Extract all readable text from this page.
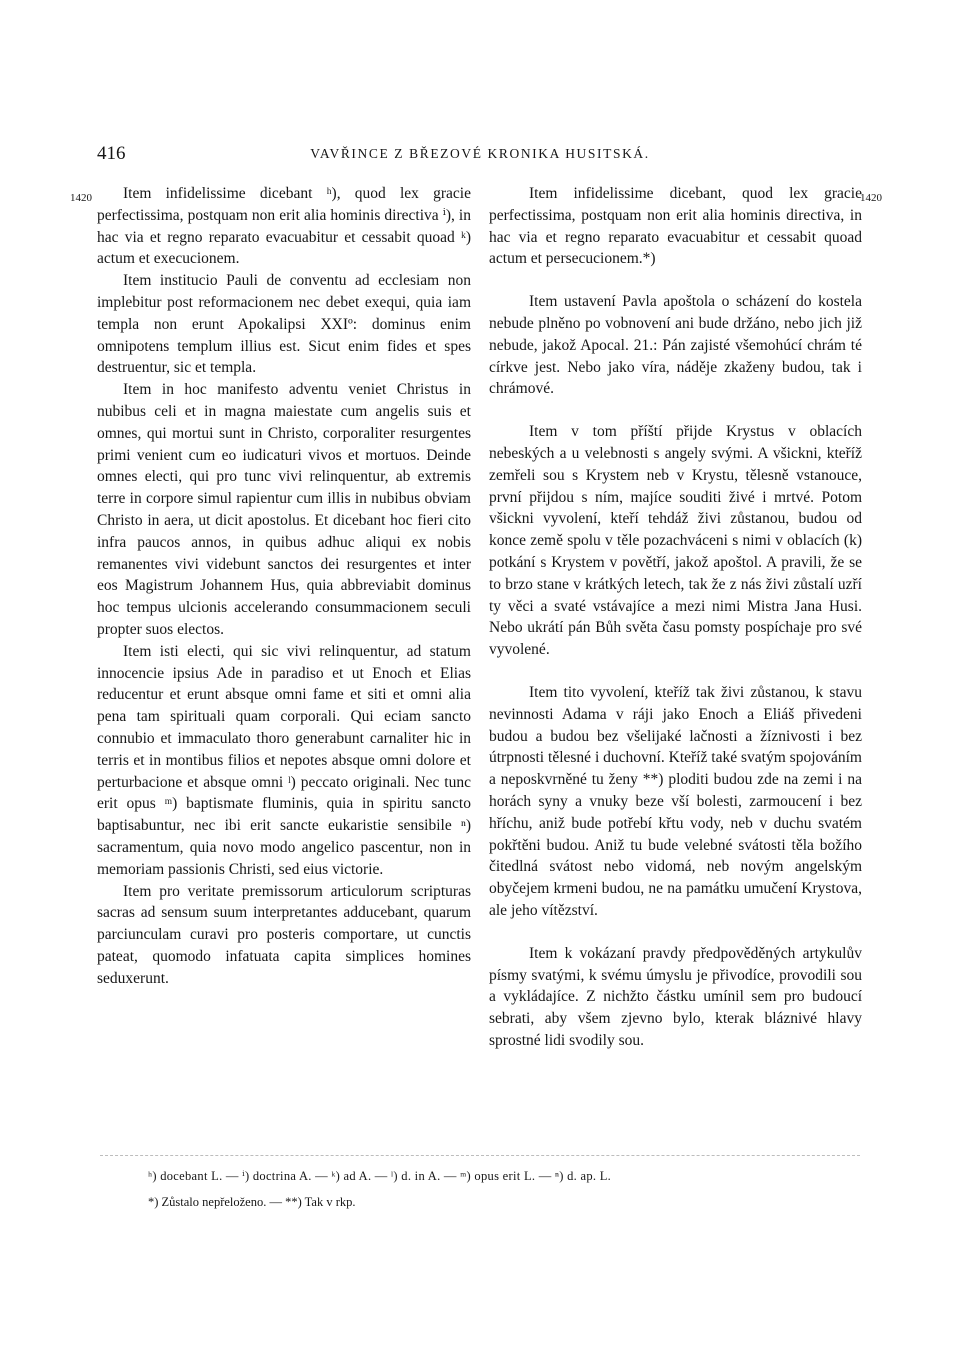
416	VAVŘINCE Z BŘEZOVÉ KRONIKA HUSITSKÁ.
1420	1420

Item infidelissime dicebant ʰ), quod lex gracie perfectissima, postquam non erit alia hominis directiva ⁱ), in hac via et regno reparato evacuabitur et cessabit quoad ᵏ) actum et execucionem.

Item institucio Pauli de conventu ad ecclesiam non implebitur post reformacionem nec debet exequi, quia iam templa non erunt Apokalipsi XXIº: dominus enim omnipotens templum illius est. Sicut enim fides et spes destruentur, sic et templa.

Item in hoc manifesto adventu veniet Christus in nubibus celi et in magna maiestate cum angelis suis et omnes, qui mortui sunt in Christo, corporaliter resurgentes primi venient cum eo iudicaturi vivos et mortuos. Deinde omnes electi, qui pro tunc vivi relinquentur, ab extremis terre in corpore simul rapientur cum illis in nubibus obviam Christo in aera, ut dicit apostolus. Et dicebant hoc fieri cito infra paucos annos, in quibus adhuc aliqui ex nobis remanentes vivi videbunt sanctos dei resurgentes et inter eos Magistrum Johannem Hus, quia abbreviabit dominus hoc tempus ulcionis accelerando consummacionem seculi propter suos electos.

Item isti electi, qui sic vivi relinquentur, ad statum innocencie ipsius Ade in paradiso et ut Enoch et Elias reducentur et erunt absque omni fame et siti et omni alia pena tam spirituali quam corporali. Qui eciam sancto connubio et immaculato thoro generabunt carnaliter hic in terris et in montibus filios et nepotes absque omni dolore et perturbacione et absque omni ˡ) peccato originali. Nec tunc erit opus ᵐ) baptismate fluminis, quia in spiritu sancto baptisabuntur, nec ibi erit sancte eukaristie sensibile ⁿ) sacramentum, quia novo modo angelico pascentur, non in memoriam passionis Christi, sed eius victorie.

Item pro veritate premissorum articulorum scripturas sacras ad sensum suum interpretantes adducebant, quarum parciunculam curavi pro posteris comportare, ut cunctis pateat, quomodo infatuata capita simplices homines seduxerunt.

Item infidelissime dicebant, quod lex gracie perfectissima, postquam non erit alia hominis directiva, in hac via et regno reparato evacuabitur et cessabit quoad actum et persecucionem.*)

Item ustavení Pavla apoštola o scházení do kostela nebude plněno po vobnovení ani bude držáno, nebo jich již nebude, jakož Apocal. 21.: Pán zajisté všemohúcí chrám té církve jest. Nebo jako víra, náděje zkaženy budou, tak i chrámové.

Item v tom příští přijde Krystus v oblacích nebeských a u velebnosti s angely svými. A všickni, kteříž zemřeli sou s Krystem neb v Krystu, tělesně vstanouce, první přijdou s ním, majíce souditi živé i mrtvé. Potom všickni vyvolení, kteří tehdáž živi zůstanou, budou od konce země spolu v těle pozachváceni s nimi v oblacích (k) potkání s Krystem v povětří, jakož apoštol. A pravili, že se to brzo stane v krátkých letech, tak že z nás živi zůstalí uzří ty věci a svaté vstávajíce a mezi nimi Mistra Jana Husi. Nebo ukrátí pán Bůh světa času pomsty pospíchaje pro své vyvolené.

Item tito vyvolení, kteříž tak živi zůstanou, k stavu nevinnosti Adama v ráji jako Enoch a Eliáš přivedeni budou a budou bez všelijaké lačnosti a žíznivosti i bez útrpnosti tělesné i duchovní. Kteříž také svatým spojováním a neposkvrněné tu ženy **) ploditi budou zde na zemi i na horách syny a vnuky beze vší bolesti, zarmoucení i bez hříchu, aniž bude potřebí křtu vody, neb v duchu svatém pokřtěni budou. Aniž tu bude velebné svátosti těla božího čitedlná svátost nebo vidomá, neb novým angelským obyčejem krmeni budou, ne na památku umučení Krystova, ale jeho vítězství.

Item k vokázaní pravdy předpověděných artykulův písmy svatými, k svému úmyslu je přivodíce, provodili sou a vykládajíce. Z nichžto částku umínil sem pro budoucí sebrati, aby všem zjevno bylo, kterak bláznivé hlavy sprostné lidi svodily sou.

ʰ) docebant L. — ⁱ) doctrina A. — ᵏ) ad A. — ˡ) d. in A. — ᵐ) opus erit L. — ⁿ) d. ap. L.
*) Zůstalo nepřeloženo. — **) Tak v rkp.
